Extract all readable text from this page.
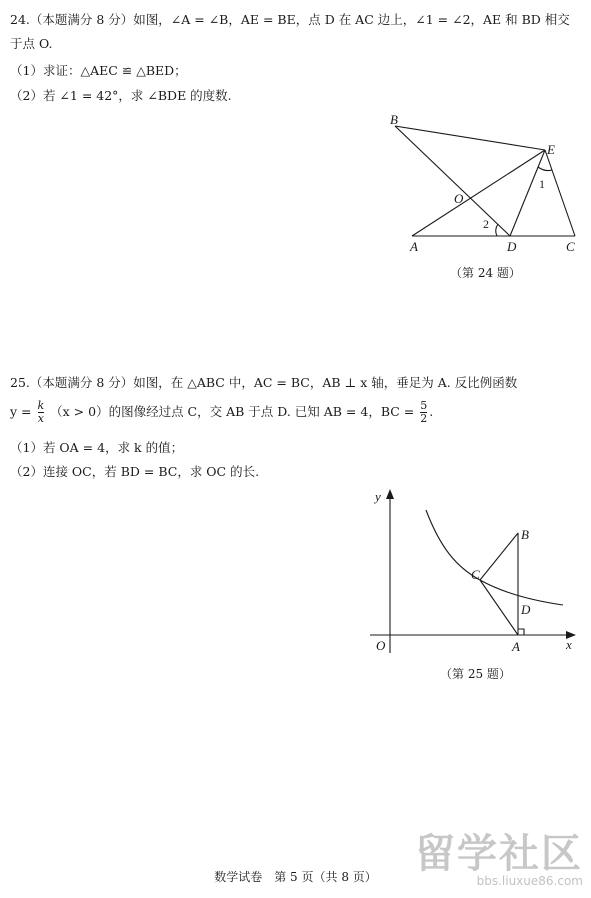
24.（本题满分 8 分）如图，∠A = ∠B，AE = BE，点 D 在 AC 边上，∠1 = ∠2，AE 和 BD 相交
于点 O.
（1）求证：△AEC ≌ △BED；
（2）若 ∠1 = 42°，求 ∠BDE 的度数.
B
E
O
A	D	C
1
2
（第 24 题）
25.（本题满分 8 分）如图，在 △ABC 中，AC = BC，AB ⊥ x 轴，垂足为 A. 反比例函数
$y = \frac{k}{x} (x > 0)$的图像经过点 C，交 AB 于点 D. 已知 AB = 4，BC = $\frac{5}{2}$ .
（1）若 OA = 4，求 k 的值；
（2）连接 OC，若 BD = BC，求 OC 的长.
y
x
O	A
B
C
D
（第 25 题）
数学试卷　第 5 页（共 8 页） 留学社区
bbs.liuxue86.com
